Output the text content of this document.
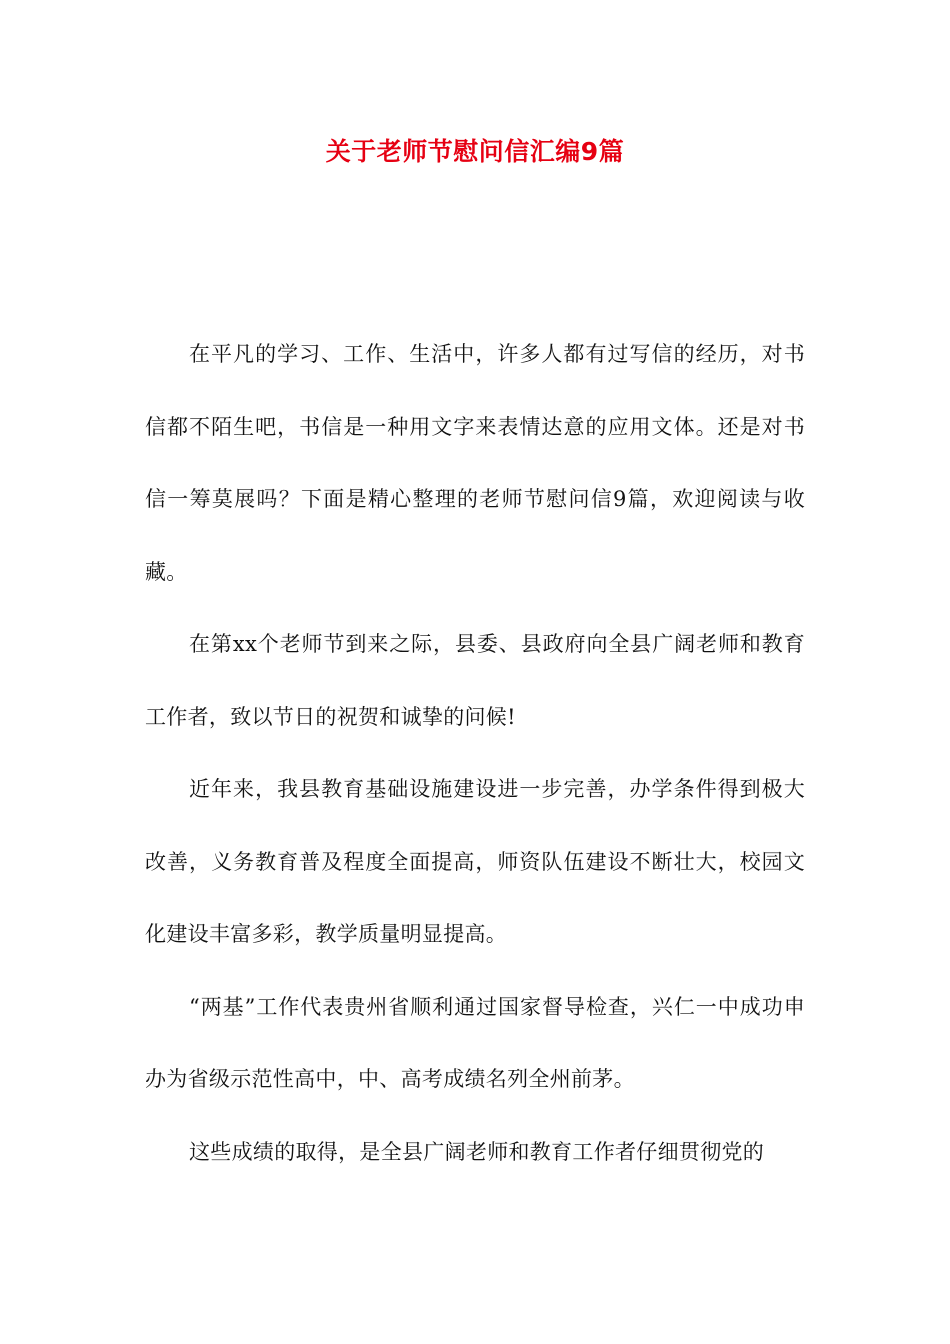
关于老师节慰问信汇编9篇

在平凡的学习、工作、生活中，许多人都有过写信的经历，对书信都不陌生吧，书信是一种用文字来表情达意的应用文体。还是对书信一筹莫展吗？下面是精心整理的老师节慰问信9篇，欢迎阅读与收藏。

在第xx个老师节到来之际，县委、县政府向全县广阔老师和教育工作者，致以节日的祝贺和诚挚的问候!

近年来，我县教育基础设施建设进一步完善，办学条件得到极大改善，义务教育普及程度全面提高，师资队伍建设不断壮大，校园文化建设丰富多彩，教学质量明显提高。

“两基”工作代表贵州省顺利通过国家督导检查，兴仁一中成功申办为省级示范性高中，中、高考成绩名列全州前茅。

这些成绩的取得，是全县广阔老师和教育工作者仔细贯彻党的
